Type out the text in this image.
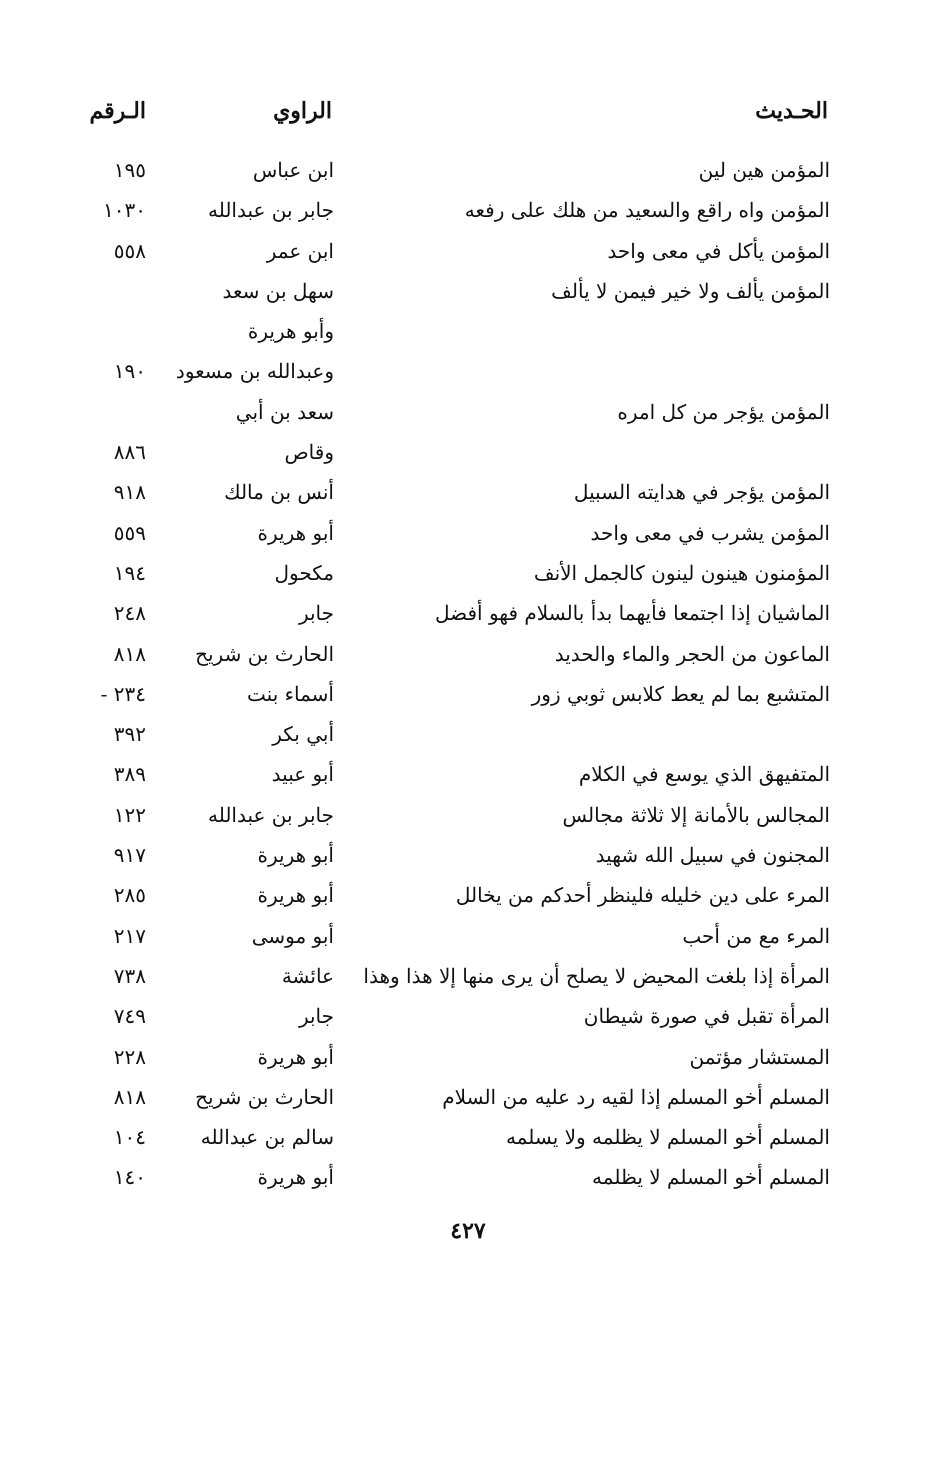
الحـديث
الراوي
الـرقم
المؤمن هين لين
ابن عباس
١٩٥
المؤمن واه راقع والسعيد من هلك على رفعه
جابر بن عبدالله
١٠٣٠
المؤمن يأكل في معى واحد
ابن عمر
٥٥٨
المؤمن يألف ولا خير فيمن لا يألف
سهل بن سعد
وأبو هريرة
وعبدالله بن مسعود
١٩٠
المؤمن يؤجر من كل امره
سعد بن أبي
وقاص
٨٨٦
المؤمن يؤجر في هدايته السبيل
أنس بن مالك
٩١٨
المؤمن يشرب في معى واحد
أبو هريرة
٥٥٩
المؤمنون هينون لينون كالجمل الأنف
مكحول
١٩٤
الماشيان إذا اجتمعا فأيهما بدأ بالسلام فهو أفضل
جابر
٢٤٨
الماعون من الحجر والماء والحديد
الحارث بن شريح
٨١٨
المتشبع بما لم يعط كلابس ثوبي زور
أسماء بنت
٢٣٤ -
أبي بكر
٣٩٢
المتفيهق الذي يوسع في الكلام
أبو عبيد
٣٨٩
المجالس بالأمانة إلا ثلاثة مجالس
جابر بن عبدالله
١٢٢
المجنون في سبيل الله شهيد
أبو هريرة
٩١٧
المرء على دين خليله فلينظر أحدكم من يخالل
أبو هريرة
٢٨٥
المرء مع من أحب
أبو موسى
٢١٧
المرأة إذا بلغت المحيض لا يصلح أن يرى منها إلا هذا وهذا
عائشة
٧٣٨
المرأة تقبل في صورة شيطان
جابر
٧٤٩
المستشار مؤتمن
أبو هريرة
٢٢٨
المسلم أخو المسلم إذا لقيه رد عليه من السلام
الحارث بن شريح
٨١٨
المسلم أخو المسلم لا يظلمه ولا يسلمه
سالم بن عبدالله
١٠٤
المسلم أخو المسلم لا يظلمه
أبو هريرة
١٤٠
٤٢٧
